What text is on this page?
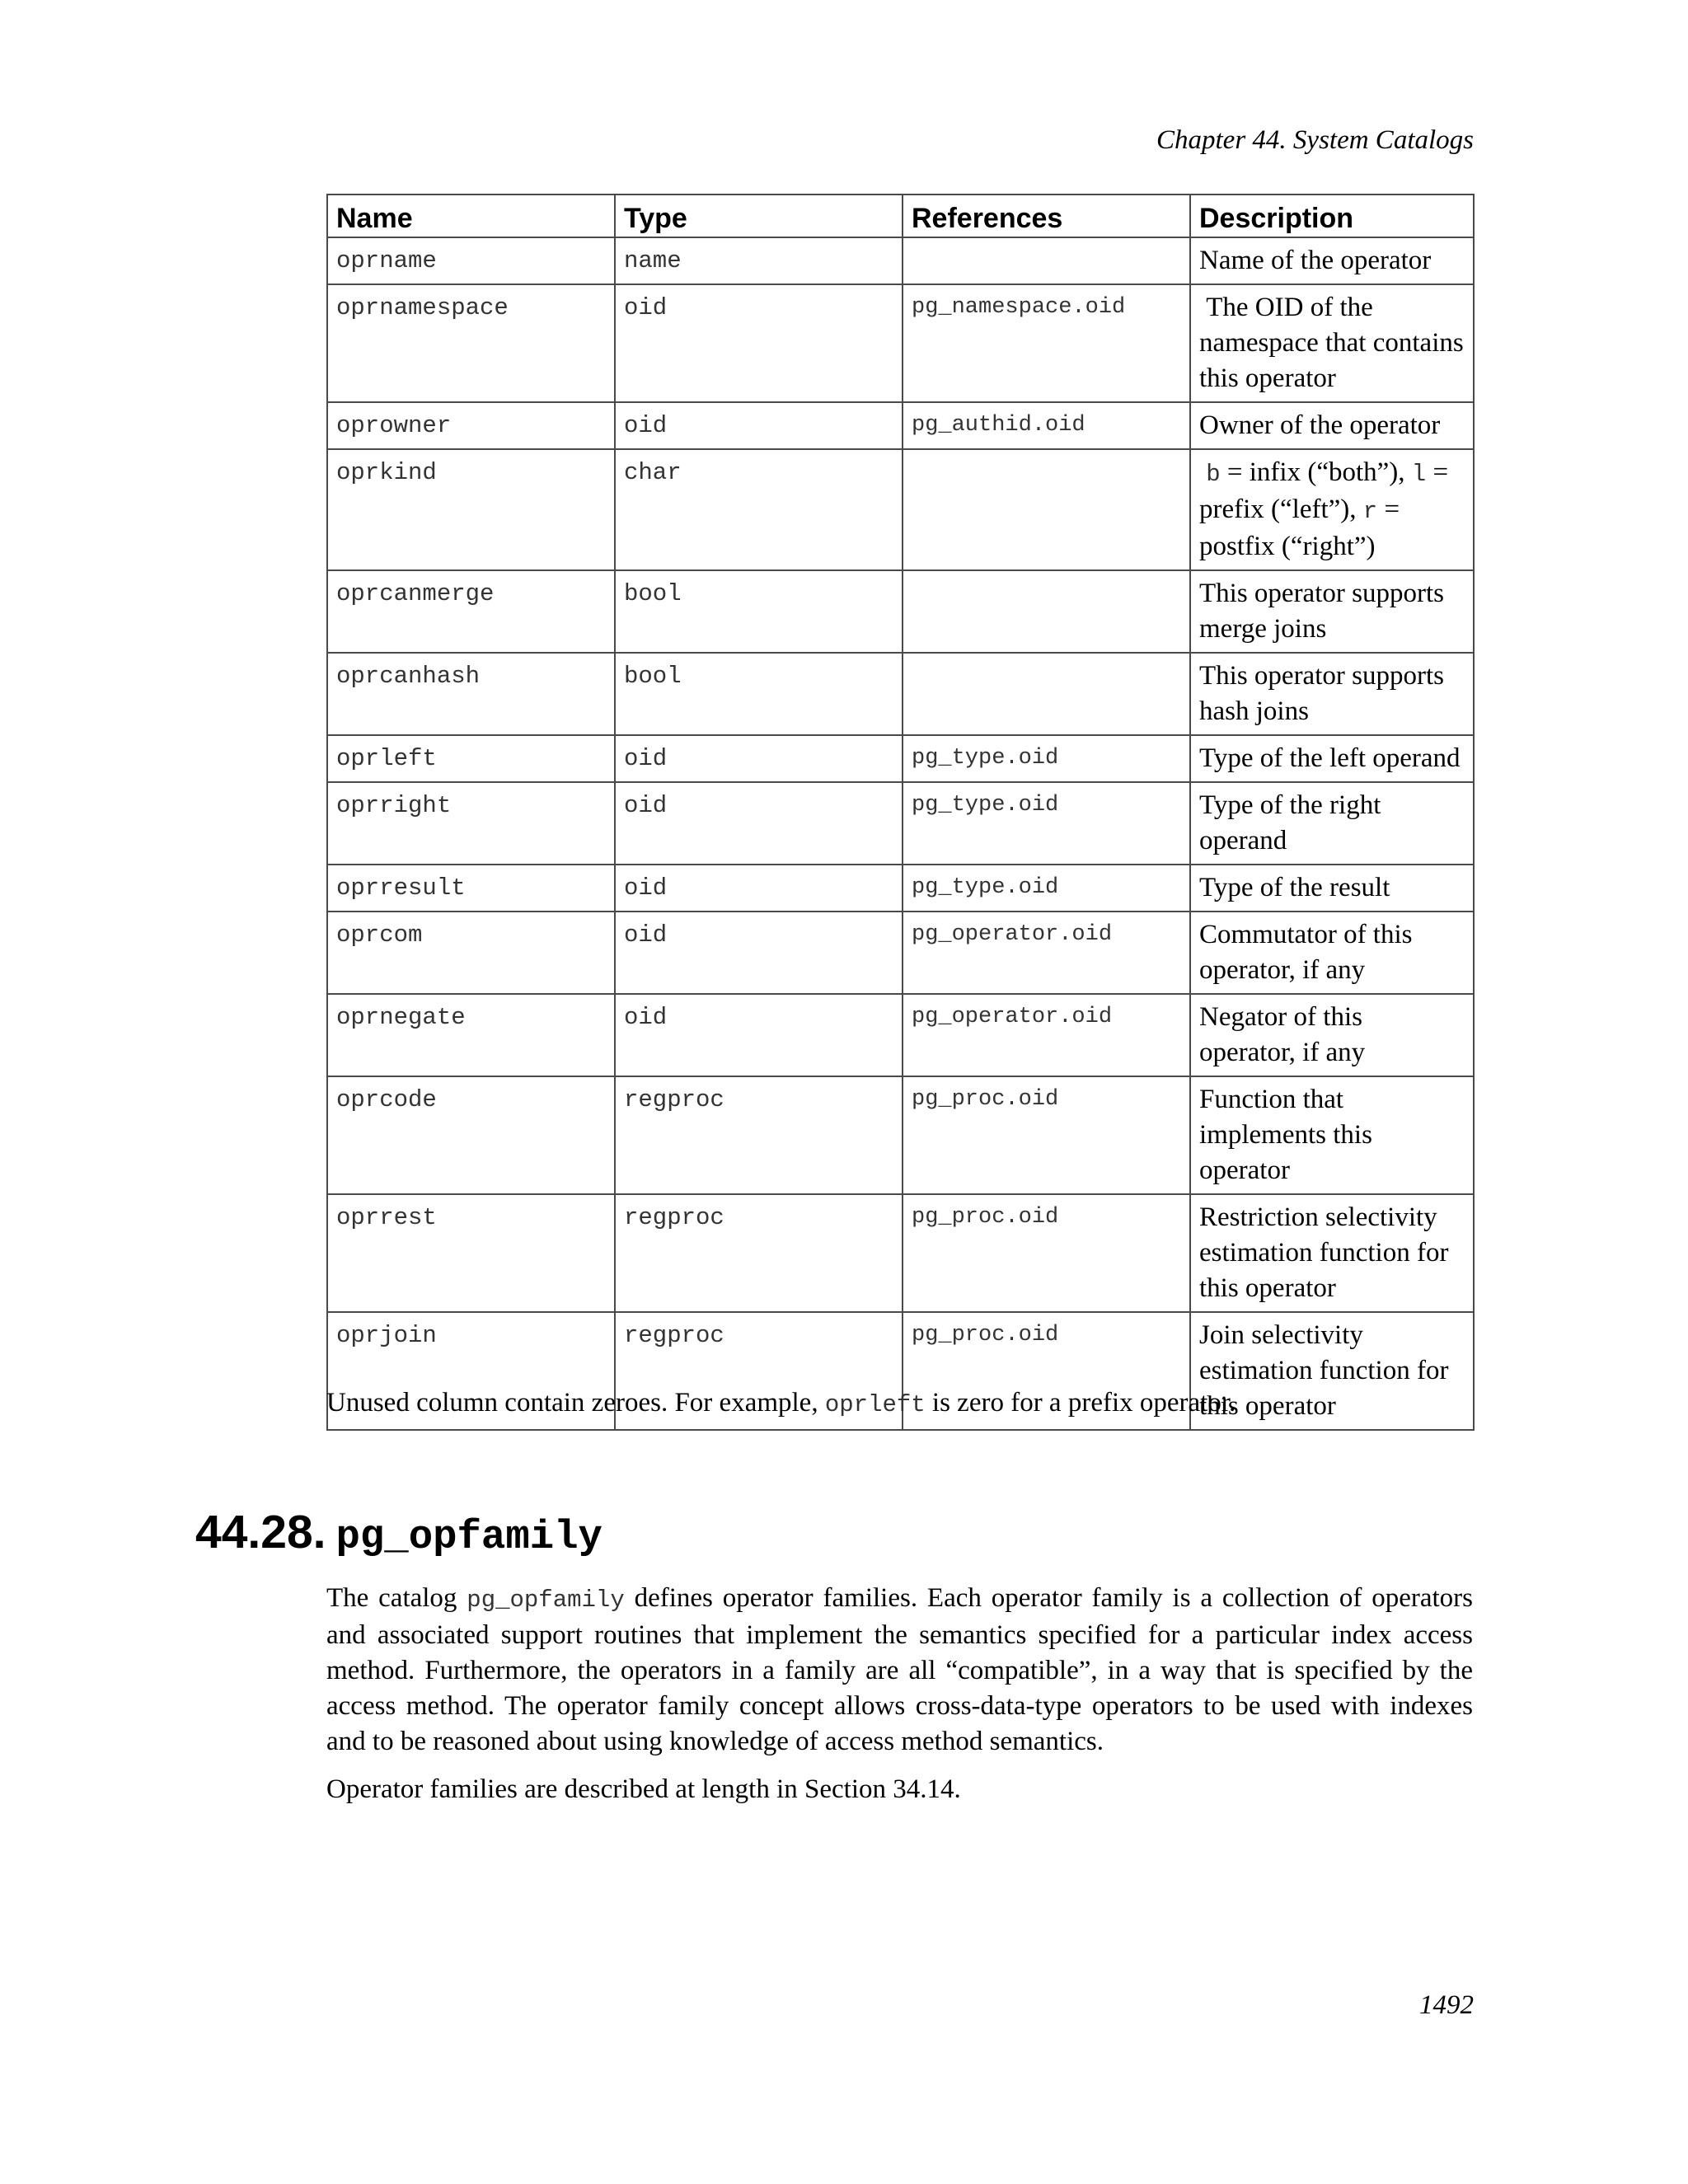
Chapter 44. System Catalogs
Name	Type	References	Description
oprname	name		Name of the operator
oprnamespace	oid	pg_namespace.oid	The OID of the namespace that contains this operator
oprowner	oid	pg_authid.oid	Owner of the operator
oprkind	char		b = infix (“both”), l = prefix (“left”), r = postfix (“right”)
oprcanmerge	bool		This operator supports merge joins
oprcanhash	bool		This operator supports hash joins
oprleft	oid	pg_type.oid	Type of the left operand
oprright	oid	pg_type.oid	Type of the right operand
oprresult	oid	pg_type.oid	Type of the result
oprcom	oid	pg_operator.oid	Commutator of this operator, if any
oprnegate	oid	pg_operator.oid	Negator of this operator, if any
oprcode	regproc	pg_proc.oid	Function that implements this operator
oprrest	regproc	pg_proc.oid	Restriction selectivity estimation function for this operator
oprjoin	regproc	pg_proc.oid	Join selectivity estimation function for this operator

Unused column contain zeroes. For example, oprleft is zero for a prefix operator.

44.28. pg_opfamily

The catalog pg_opfamily defines operator families. Each operator family is a collection of operators and associated support routines that implement the semantics specified for a particular index access method. Furthermore, the operators in a family are all “compatible”, in a way that is specified by the access method. The operator family concept allows cross-data-type operators to be used with indexes and to be reasoned about using knowledge of access method semantics.

Operator families are described at length in Section 34.14.

1492
